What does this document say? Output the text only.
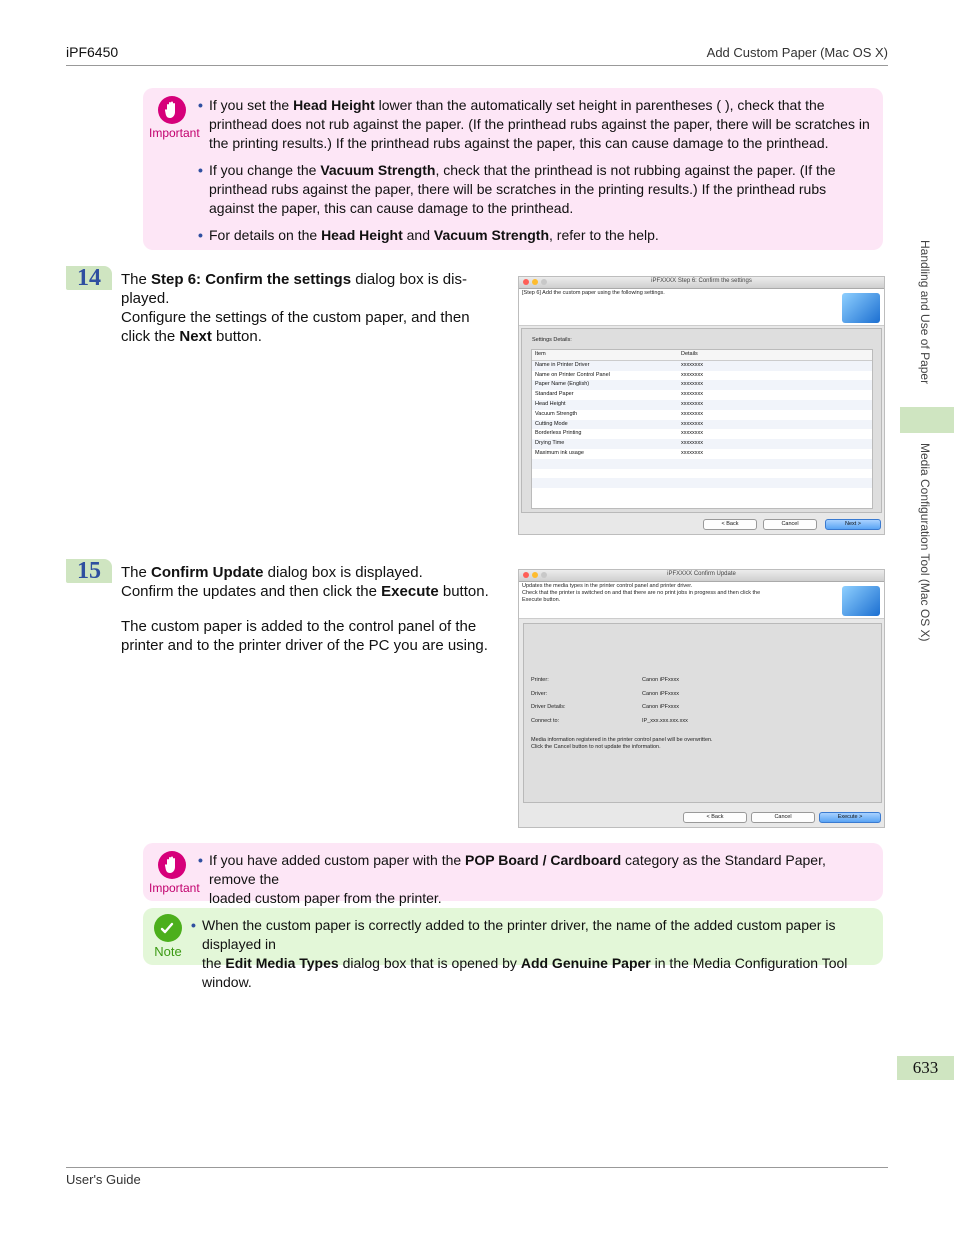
iPF6450	Add Custom Paper (Mac OS X)
User's Guide
Handling and Use of Paper
Media Configuration Tool (Mac OS X)
633
Important
• If you set the Head Height lower than the automatically set height in parentheses ( ), check that the printhead does not rub against the paper. (If the printhead rubs against the paper, there will be scratches in the printing results.) If the printhead rubs against the paper, this can cause damage to the printhead.
• If you change the Vacuum Strength, check that the printhead is not rubbing against the paper. (If the printhead rubs against the paper, there will be scratches in the printing results.) If the printhead rubs against the paper, this can cause damage to the printhead.
• For details on the Head Height and Vacuum Strength, refer to the help.
14	The Step 6: Confirm the settings dialog box is dis-
played.
Configure the settings of the custom paper, and then
click the Next button.
iPFXXXX Step 6: Confirm the settings
[Step 6] Add the custom paper using the following settings.
Settings Details:
Item	Details
Name in Printer Driver	xxxxxxxx
Name on Printer Control Panel	xxxxxxxx
Paper Name (English)	xxxxxxxx
Standard Paper	xxxxxxxx
Head Height	xxxxxxxx
Vacuum Strength	xxxxxxxx
Cutting Mode	xxxxxxxx
Borderless Printing	xxxxxxxx
Drying Time	xxxxxxxx
Maximum ink usage	xxxxxxxx
< Back	Cancel	Next >
15	The Confirm Update dialog box is displayed.
Confirm the updates and then click the Execute button.
The custom paper is added to the control panel of the
printer and to the printer driver of the PC you are using.
iPFXXXX Confirm Update
Updates the media types in the printer control panel and printer driver.
Check that the printer is switched on and that there are no print jobs in progress and then click the
Execute button.
Printer:	Canon iPFxxxx
Driver:	Canon iPFxxxx
Driver Details:	Canon iPFxxxx
Connect to:	IP_xxx.xxx.xxx.xxx
Media information registered in the printer control panel will be overwritten.
Click the Cancel button to not update the information.
< Back	Cancel	Execute >
Important
• If you have added custom paper with the POP Board / Cardboard category as the Standard Paper, remove the
loaded custom paper from the printer.
Note
• When the custom paper is correctly added to the printer driver, the name of the added custom paper is displayed in
the Edit Media Types dialog box that is opened by Add Genuine Paper in the Media Configuration Tool window.
